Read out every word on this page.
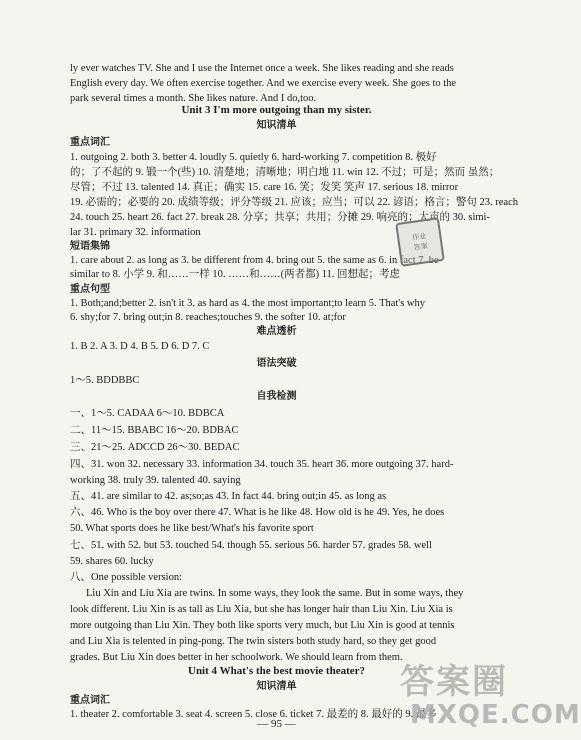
ly ever watches TV. She and I use the Internet once a week. She likes reading and she reads
English every day. We often exercise together. And we exercise every week. She goes to the
park several times a month. She likes nature. And I do,too.
Unit 3 I'm more outgoing than my sister.
知识清单
重点词汇
1. outgoing 2. both 3. better 4. loudly 5. quietly 6. hard-working 7. competition 8. 极好
的；了不起的 9. 锻一个(些) 10. 清楚地；清晰地；明白地 11. win 12. 不过；可是；然而 虽然；
尽管；不过 13. talented 14. 真正；确实 15. care 16. 笑；发笑 笑声 17. serious 18. mirror
19. 必需的；必要的 20. 成绩等级；评分等级 21. 应该；应当；可以 22. 谚语；格言；警句 23. reach
24. touch 25. heart 26. fact 27. break 28. 分享；共享；共用；分摊 29. 响亮的；大声的 30. simi-
lar 31. primary 32. information
短语集锦
1. care about 2. as long as 3. be different from 4. bring out 5. the same as 6. in fact 7. be
similar to 8. 小学 9. 和……一样 10. ……和……(两者都) 11. 回想起；考虑
作业
答案
重点句型
1. Both;and;better 2. isn't it 3. as hard as 4. the most important;to learn 5. That's why
6. shy;for 7. bring out;in 8. reaches;touches 9. the softer 10. at;for
难点透析
1. B 2. A 3. D 4. B 5. D 6. D 7. C
语法突破
1～5. BDDBBC
自我检测
一、1～5. CADAA 6～10. BDBCA
二、11～15. BBABC 16～20. BDBAC
三、21～25. ADCCD 26～30. BEDAC
四、31. won 32. necessary 33. information 34. touch 35. heart 36. more outgoing 37. hard-
working 38. truly 39. talented 40. saying
五、41. are similar to 42. as;so;as 43. In fact 44. bring out;in 45. as long as
六、46. Who is the boy over there 47. What is he like 48. How old is he 49. Yes, he does
50. What sports does he like best/What's his favorite sport
七、51. with 52. but 53. touched 54. though 55. serious 56. harder 57. grades 58. well
59. shares 60. lucky
八、One possible version:
Liu Xin and Liu Xia are twins. In some ways, they look the same. But in some ways, they
look different. Liu Xin is as tall as Liu Xia, but she has longer hair than Liu Xin. Liu Xia is
more outgoing than Liu Xin. They both like sports very much, but Liu Xin is good at tennis
and Liu Xia is telented in ping-pong. The twin sisters both study hard, so they get good
grades. But Liu Xin does better in her schoolwork. We should learn from them.
Unit 4 What's the best movie theater?
知识清单
重点词汇
1. theater 2. comfortable 3. seat 4. screen 5. close 6. ticket 7. 最差的 8. 最好的 9. 最多
— 95 —
答案圈
MXQE.COM
